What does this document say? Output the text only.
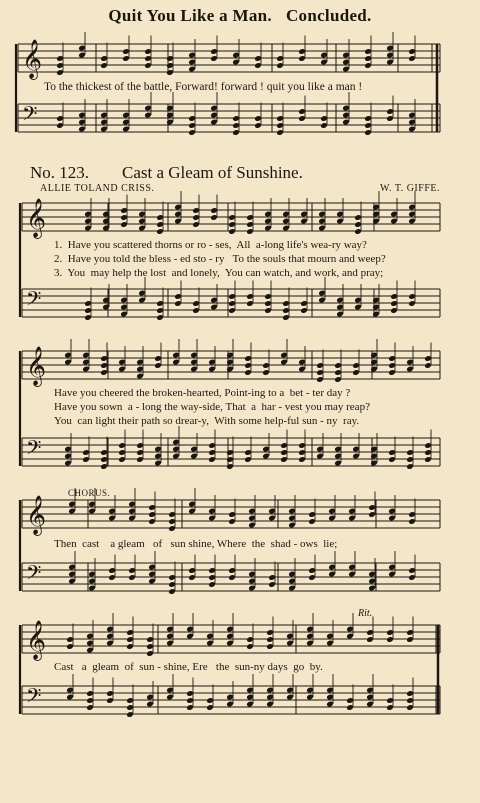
Quit You Like a Man. Concluded.
To the thickest of the battle, Forward! forward ! quit you like a man !
No. 123. Cast a Gleam of Sunshine.
ALLIE TOLAND CRISS.	W. T. GIFFE.
1.  Have you scattered thorns or ro - ses,  All  a-long life's wea-ry way?
2.  Have you told the bless - ed sto - ry   To the souls that mourn and weep?
3.  You  may help the lost  and lonely,  You can watch, and work, and pray;
Have you cheered the broken-hearted, Point-ing to a  bet - ter day ?
Have you sown  a - long the way-side, That  a  har - vest you may reap?
You  can light their path so drear-y,  With some help-ful sun - ny  ray.
CHORUS.
Then  cast    a gleam   of   sun shine, Where  the  shad - ows  lie;
Rit.
Cast   a  gleam  of  sun - shine, Ere   the  sun-ny days  go  by.
𝄞
𝄢
𝄞
𝄢
𝄞
𝄢
𝄞
𝄢
𝄞
𝄢
